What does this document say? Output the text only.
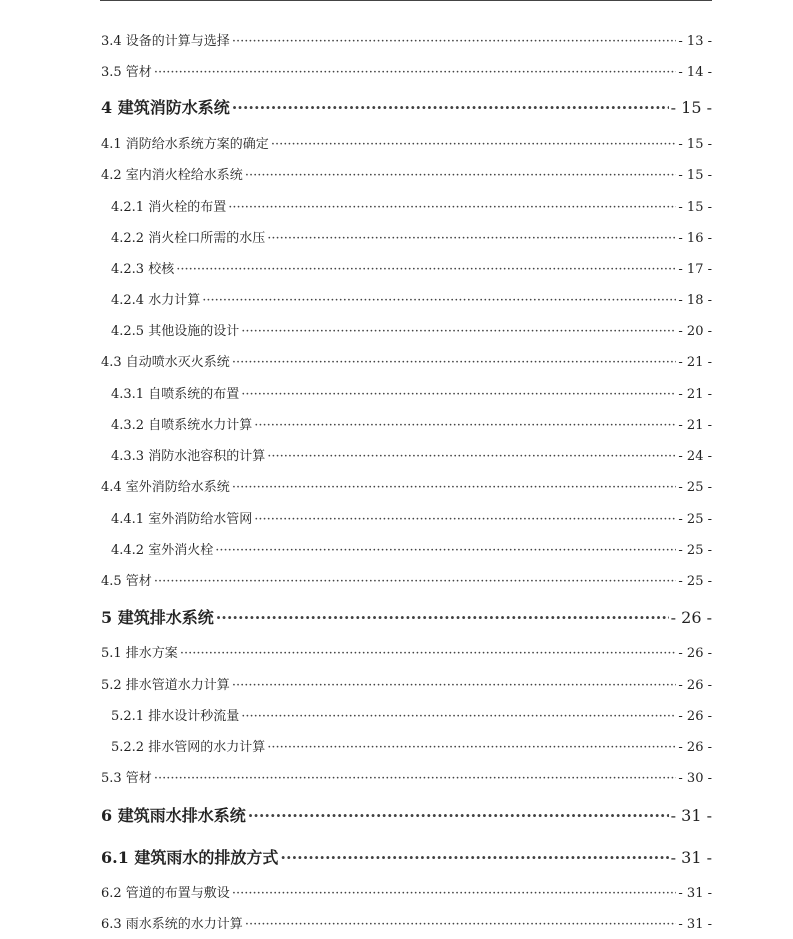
3.4 设备的计算与选择 ·····	- 13 -
3.5 管材 ·····	- 14 -
4 建筑消防水系统 ·····	- 15 -
4.1 消防给水系统方案的确定 ·····	- 15 -
4.2 室内消火栓给水系统 ·····	- 15 -
4.2.1 消火栓的布置 ·····	- 15 -
4.2.2 消火栓口所需的水压 ·····	- 16 -
4.2.3 校核 ·····	- 17 -
4.2.4 水力计算 ·····	- 18 -
4.2.5 其他设施的设计 ·····	- 20 -
4.3 自动喷水灭火系统 ·····	- 21 -
4.3.1 自喷系统的布置 ·····	- 21 -
4.3.2 自喷系统水力计算 ·····	- 21 -
4.3.3 消防水池容积的计算 ·····	- 24 -
4.4 室外消防给水系统 ·····	- 25 -
4.4.1 室外消防给水管网 ·····	- 25 -
4.4.2 室外消火栓 ·····	- 25 -
4.5 管材 ·····	- 25 -
5 建筑排水系统 ·····	- 26 -
5.1 排水方案 ·····	- 26 -
5.2 排水管道水力计算 ·····	- 26 -
5.2.1 排水设计秒流量 ·····	- 26 -
5.2.2 排水管网的水力计算 ·····	- 26 -
5.3 管材 ·····	- 30 -
6 建筑雨水排水系统 ·····	- 31 -
6.1 建筑雨水的排放方式 ·····	- 31 -
6.2 管道的布置与敷设 ·····	- 31 -
6.3 雨水系统的水力计算 ·····	- 31 -
